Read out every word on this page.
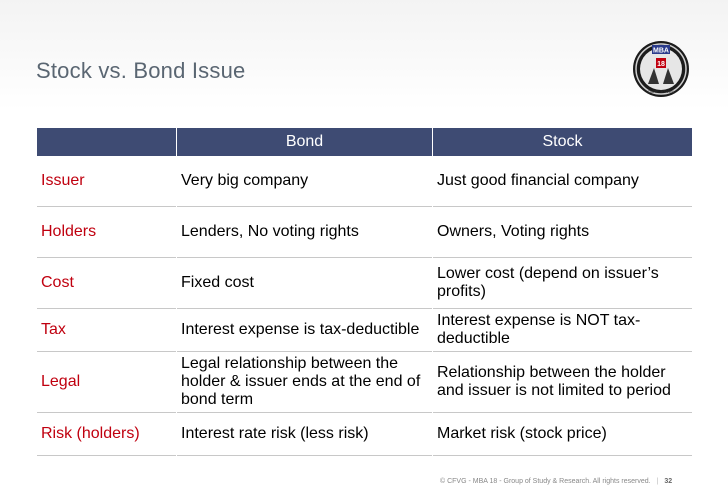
Stock vs. Bond Issue
MBA
18
DARE TO WIN
	Bond	Stock
Issuer	Very big company	Just good financial company
Holders	Lenders, No voting rights	Owners, Voting rights
Cost	Fixed cost	Lower cost (depend on issuer’s profits)
Tax	Interest expense is tax-deductible	Interest expense is NOT tax-deductible
Legal	Legal relationship between the holder & issuer ends at the end of bond term	Relationship between the holder and issuer is not limited to period
Risk (holders)	Interest rate risk (less risk)	Market risk (stock price)
© CFVG - MBA 18 - Group of Study & Research. All rights reserved. | 32
